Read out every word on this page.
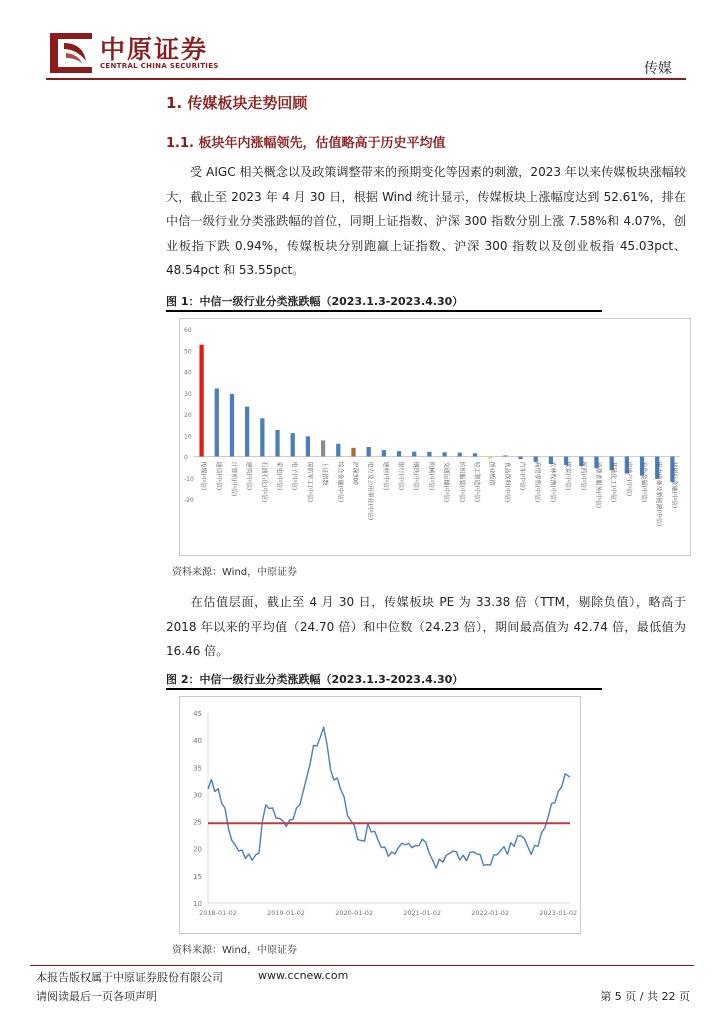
中原证券
CENTRAL CHINA SECURITIES	传媒
1. 传媒板块走势回顾
1.1. 板块年内涨幅领先，估值略高于历史平均值
受 AIGC 相关概念以及政策调整带来的预期变化等因素的刺激，2023 年以来传媒板块涨幅较大，截止至 2023 年 4 月 30 日，根据 Wind 统计显示，传媒板块上涨幅度达到 52.61%，排在中信一级行业分类涨跌幅的首位，同期上证指数、沪深 300 指数分别上涨 7.58%和 4.07%，创业板指下跌 0.94%，传媒板块分别跑赢上证指数、沪深 300 指数以及创业板指 45.03pct、48.54pct 和 53.55pct。
图 1：中信一级行业分类涨跌幅（2023.1.3-2023.4.30）
60
50
40
30
20
10
0
-10
-20
传媒(中信) 通信(中信) 计算机(中信) 建筑(中信) 石油石化(中信) 家电(中信) 电子(中信) 国防军工(中信) 上证指数 综合金融(中信) 沪深300 电力及公用事业(中信) 建材(中信) 银行(中信) 钢铁(中信) 机械(中信) 交通运输(中信) 纺织服装(中信) 轻工制造(中信) 创业板指 食品饮料(中信) 汽车(中信) 商贸零售(中信) 农林牧渔(中信) 煤炭(中信) 医药(中信) 消费者服务(中信) 基础化工(中信) 房地产(中信) 有色金属(中信) 电力设备及新能源(中信) 非银行金融(中信)
资料来源：Wind，中原证券
在估值层面，截止至 4 月 30 日，传媒板块 PE 为 33.38 倍（TTM，剔除负值），略高于 2018 年以来的平均值（24.70 倍）和中位数（24.23 倍），期间最高值为 42.74 倍，最低值为 16.46 倍。
图 2：中信一级行业分类涨跌幅（2023.1.3-2023.4.30）
45
40
35
30
25
20
15
10
2018-01-02	2019-01-02	2020-01-02	2021-01-02	2022-01-02	2023-01-02
资料来源：Wind，中原证券
本报告版权属于中原证券股份有限公司	www.ccnew.com
请阅读最后一页各项声明	第 5 页 / 共 22 页
